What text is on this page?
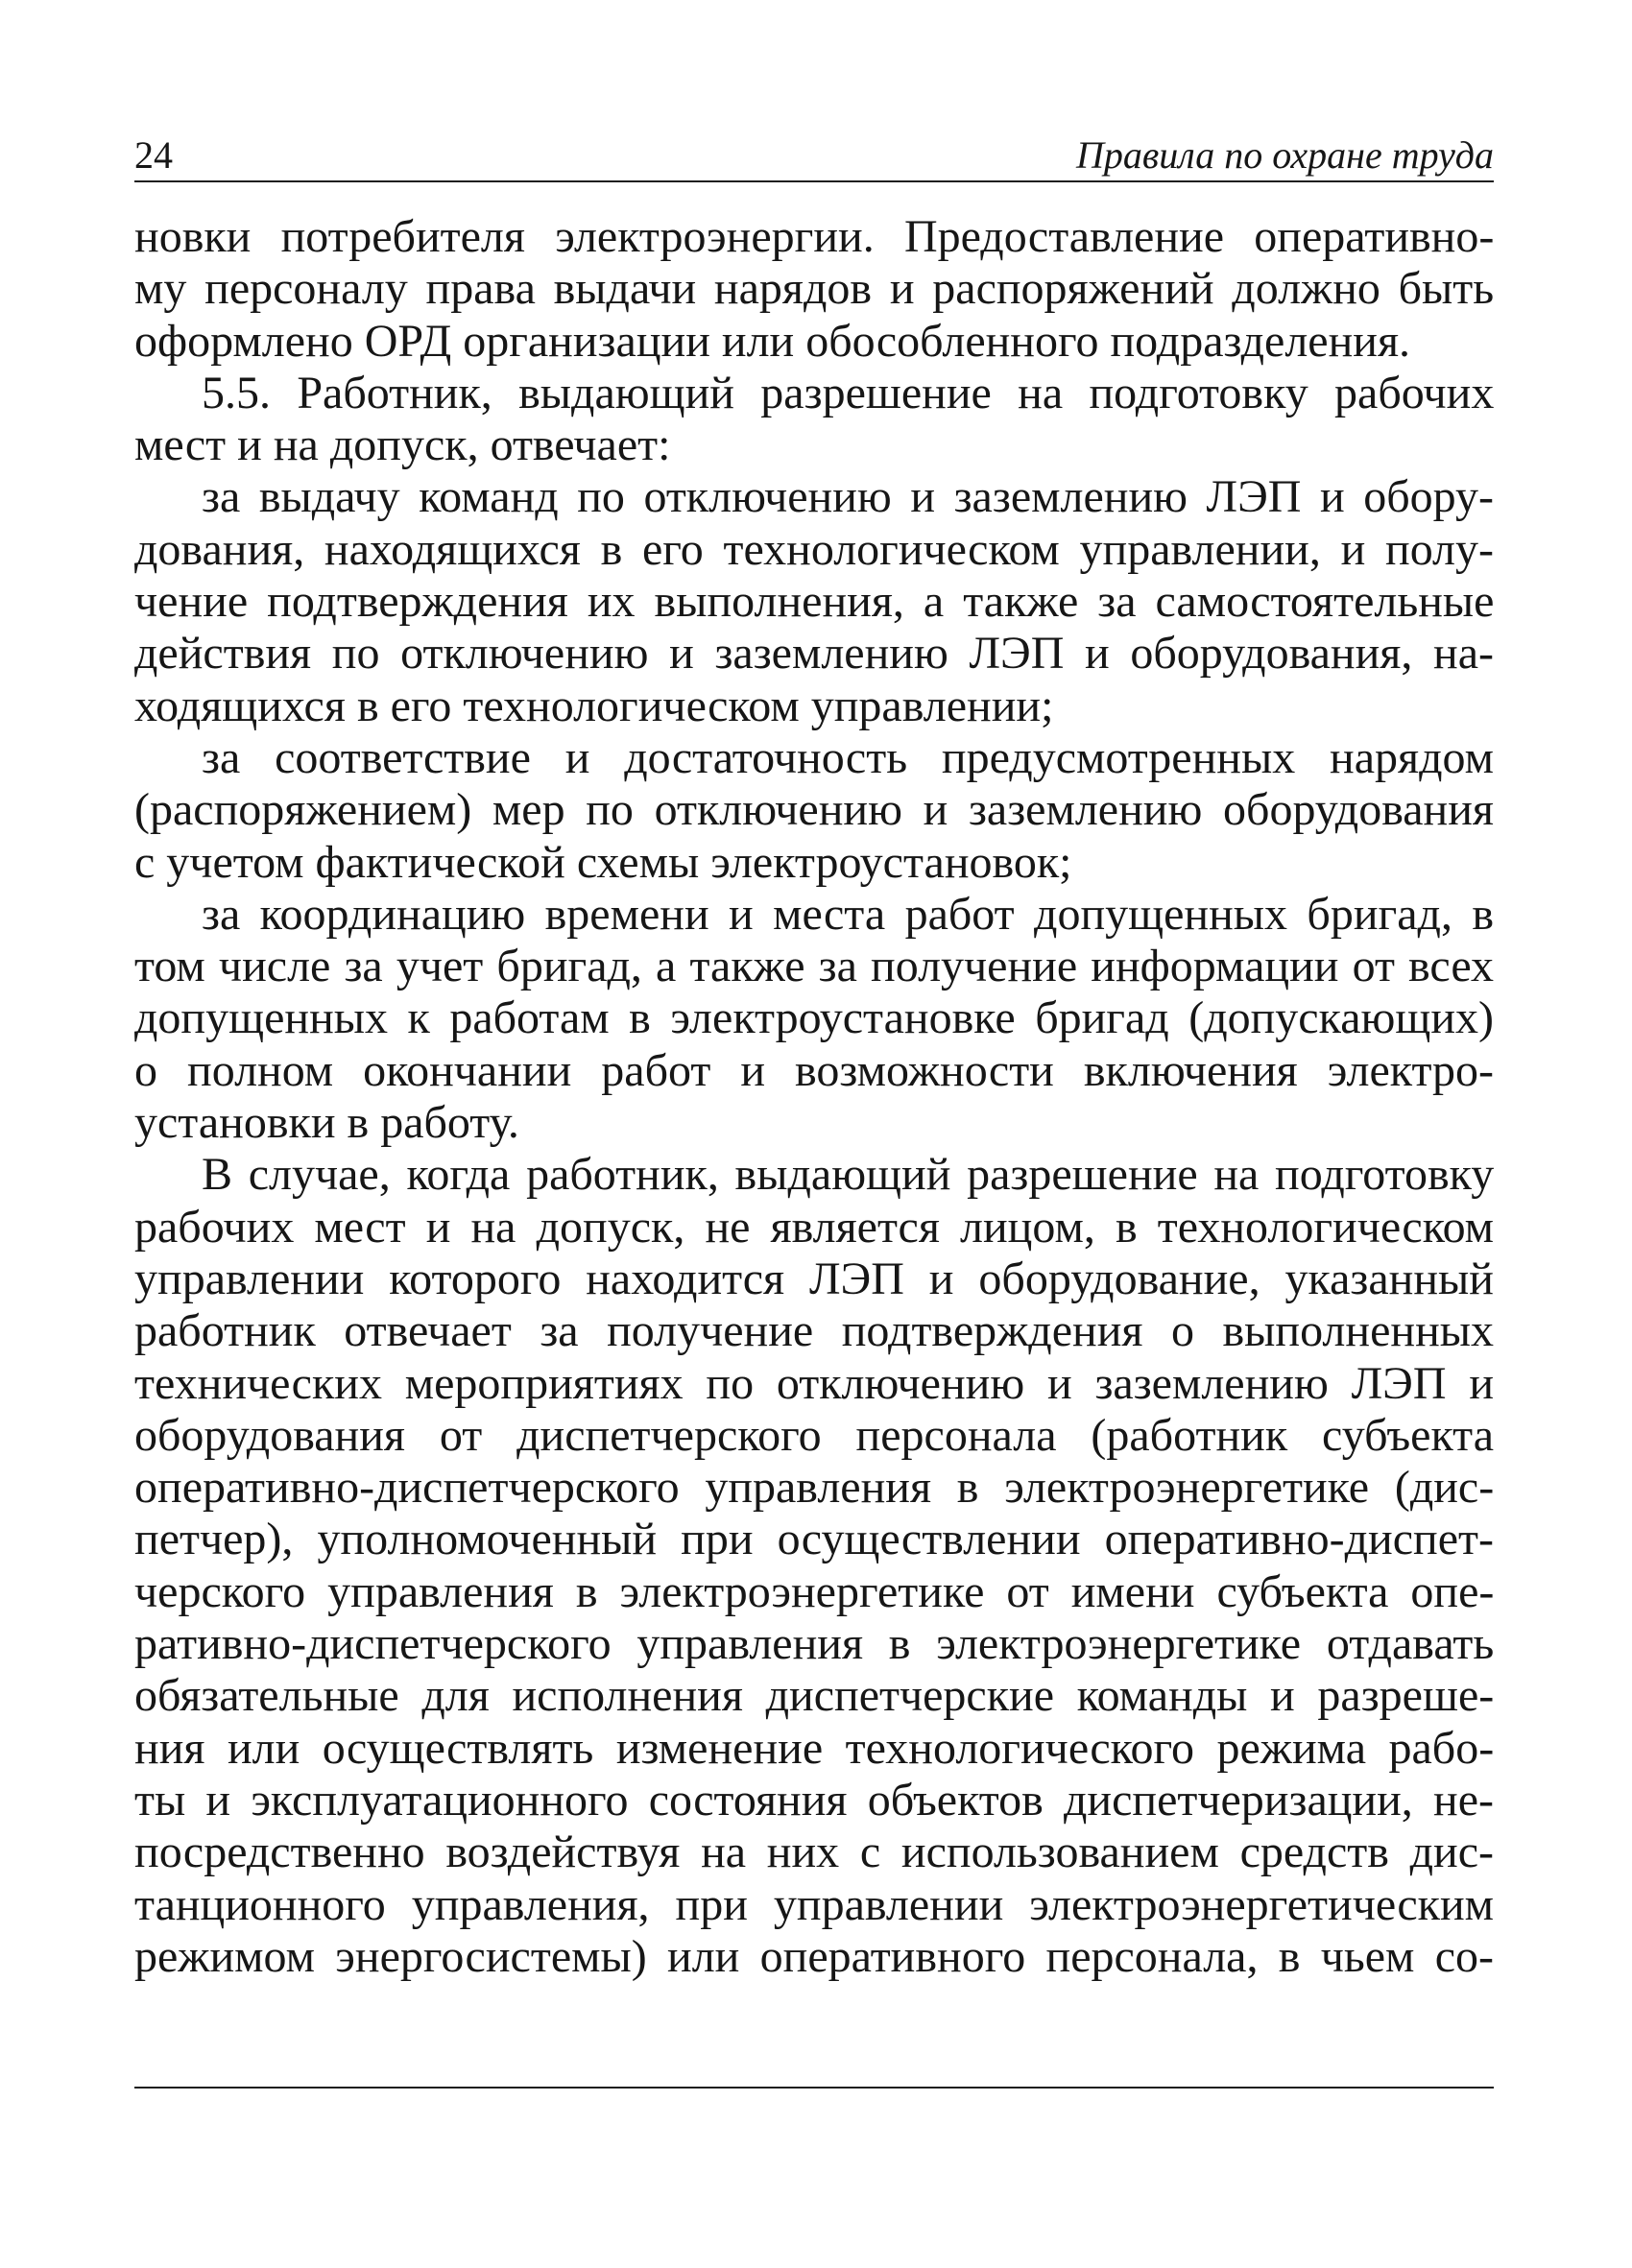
24	Правила по охране труда

новки потребителя электроэнергии. Предоставление оперативно-
му персоналу права выдачи нарядов и распоряжений должно быть
оформлено ОРД организации или обособленного подразделения.

5.5. Работник, выдающий разрешение на подготовку рабочих
мест и на допуск, отвечает:

за выдачу команд по отключению и заземлению ЛЭП и обору-
дования, находящихся в его технологическом управлении, и полу-
чение подтверждения их выполнения, а также за самостоятельные
действия по отключению и заземлению ЛЭП и оборудования, на-
ходящихся в его технологическом управлении;

за соответствие и достаточность предусмотренных нарядом
(распоряжением) мер по отключению и заземлению оборудования
с учетом фактической схемы электроустановок;

за координацию времени и места работ допущенных бригад, в
том числе за учет бригад, а также за получение информации от всех
допущенных к работам в электроустановке бригад (допускающих)
о полном окончании работ и возможности включения электро-
установки в работу.

В случае, когда работник, выдающий разрешение на подготовку
рабочих мест и на допуск, не является лицом, в технологическом
управлении которого находится ЛЭП и оборудование, указанный
работник отвечает за получение подтверждения о выполненных
технических мероприятиях по отключению и заземлению ЛЭП и
оборудования от диспетчерского персонала (работник субъекта
оперативно-диспетчерского управления в электроэнергетике (дис-
петчер), уполномоченный при осуществлении оперативно-диспет-
черского управления в электроэнергетике от имени субъекта опе-
ративно-диспетчерского управления в электроэнергетике отдавать
обязательные для исполнения диспетчерские команды и разреше-
ния или осуществлять изменение технологического режима рабо-
ты и эксплуатационного состояния объектов диспетчеризации, не-
посредственно воздействуя на них с использованием средств дис-
танционного управления, при управлении электроэнергетическим
режимом энергосистемы) или оперативного персонала, в чьем со-
